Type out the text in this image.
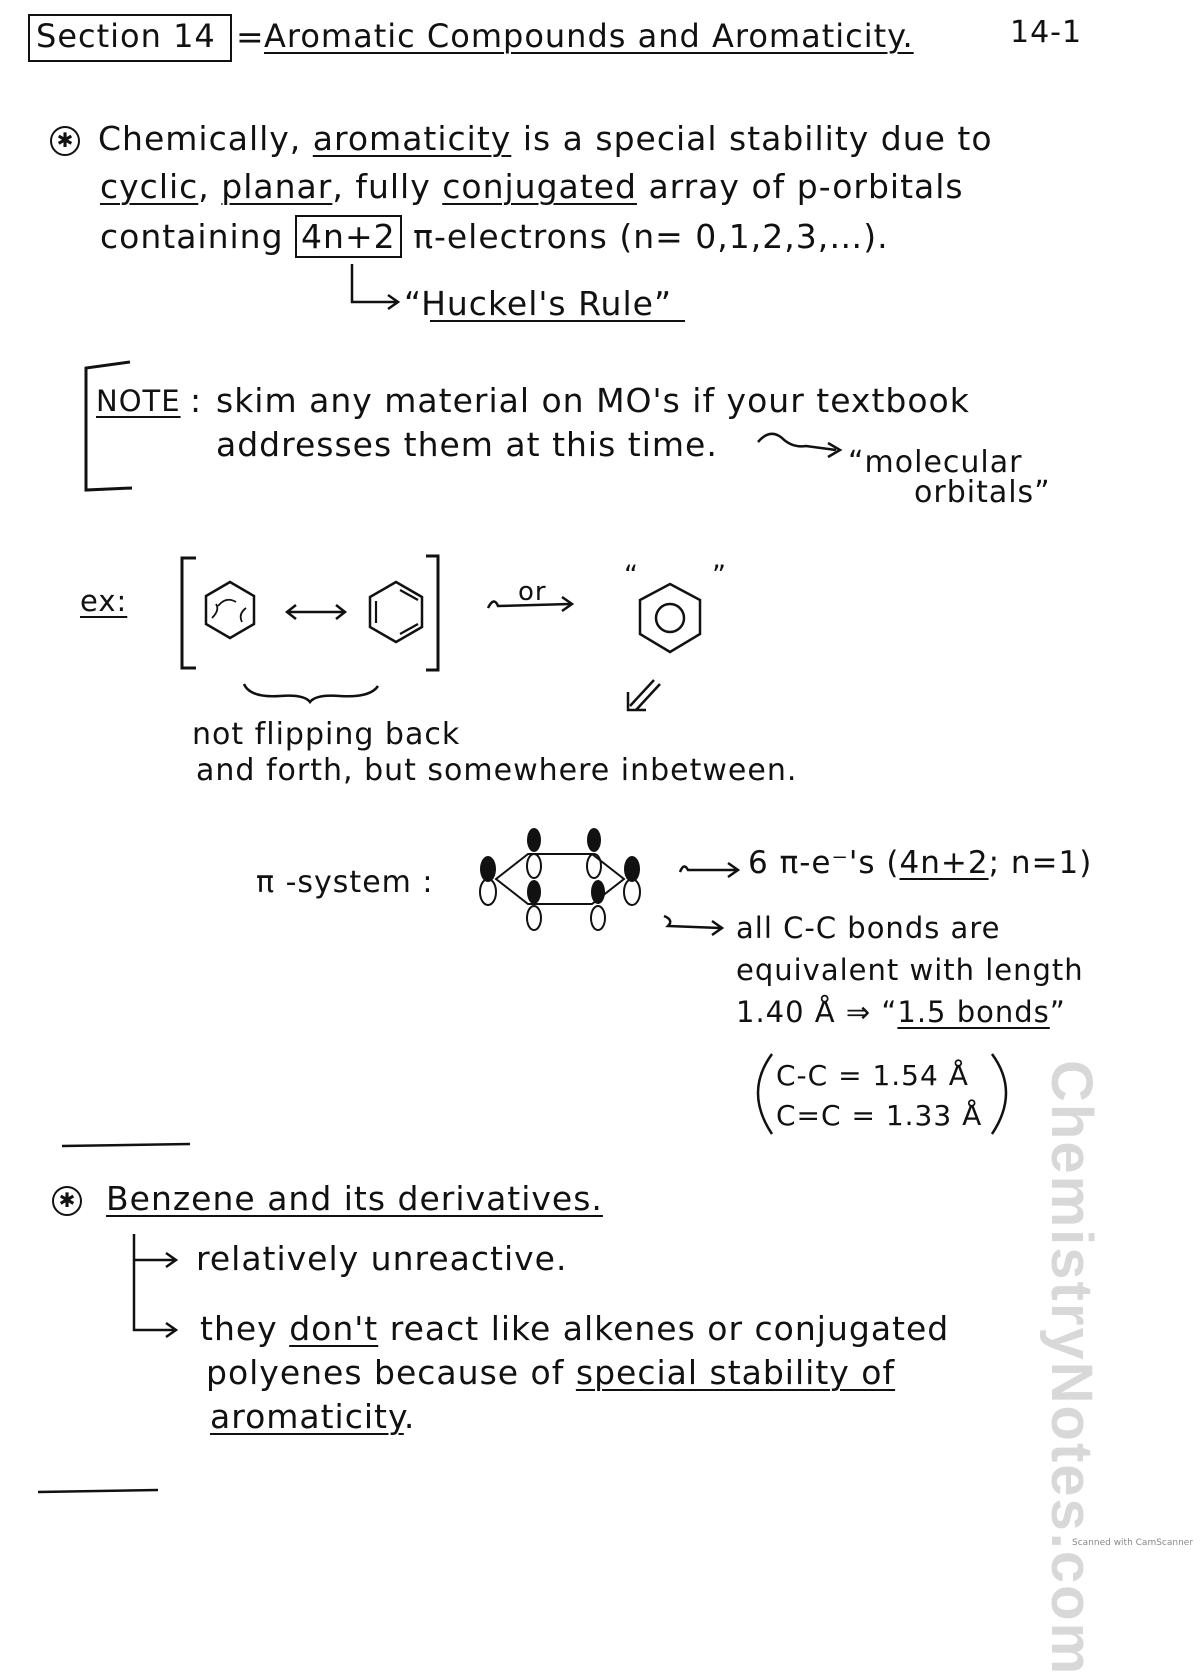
Section 14 = Aromatic Compounds and Aromaticity.	14-1
✱ Chemically, aromaticity is a special stability due to
cyclic, planar, fully conjugated array of p-orbitals
containing 4n+2 π-electrons (n= 0,1,2,3,…).
“Huckel's Rule”
NOTE : skim any material on MO's if your textbook
addresses them at this time.	“molecular
orbitals”
ex:	or
“	”
not flipping back
and forth, but somewhere inbetween.
π -system :
6 π-e⁻'s (4n+2; n=1)
all C-C bonds are
equivalent with length
1.40 Å ⇒ “1.5 bonds”
C-C = 1.54 Å
C=C = 1.33 Å
✱ Benzene and its derivatives.
relatively unreactive.
they don't react like alkenes or conjugated
polyenes because of special stability of
aromaticity.	ChemistryNotes.com
Scanned with CamScanner
